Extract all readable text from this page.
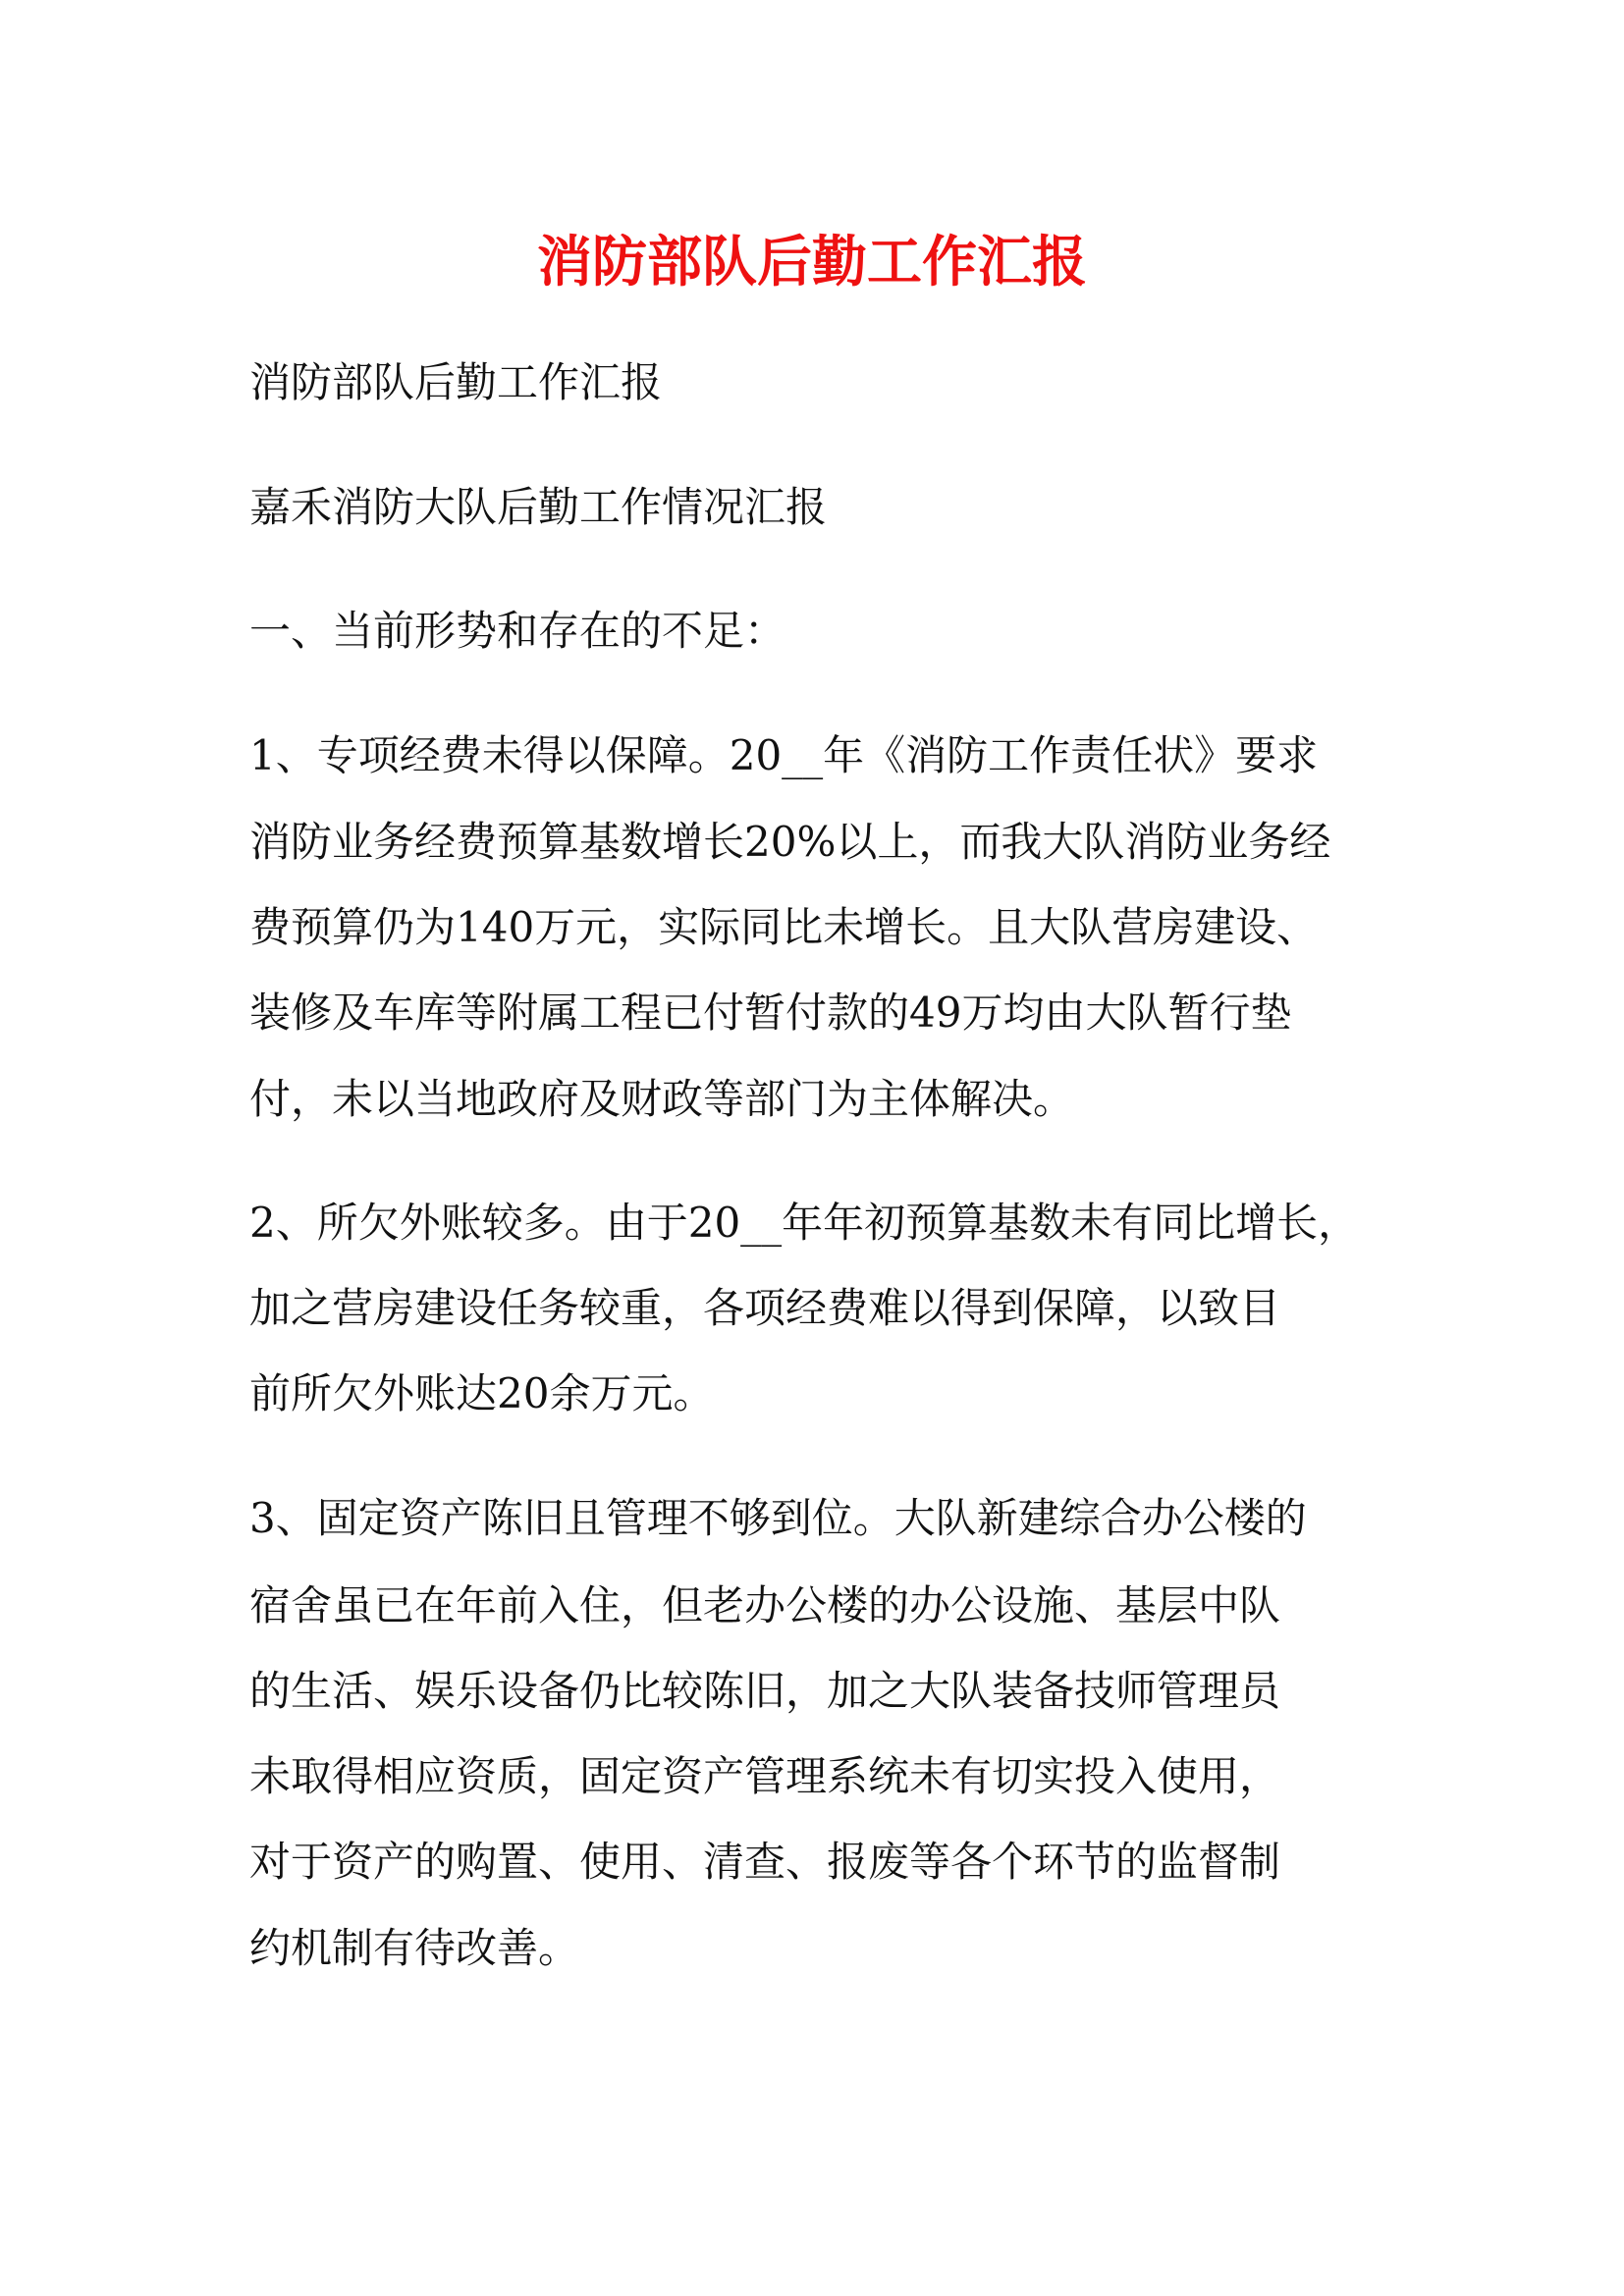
消防部队后勤工作汇报
消防部队后勤工作汇报
嘉禾消防大队后勤工作情况汇报
一、当前形势和存在的不足：
1、专项经费未得以保障。20__年《消防工作责任状》要求
消防业务经费预算基数增长20%以上，而我大队消防业务经
费预算仍为140万元，实际同比未增长。且大队营房建设、
装修及车库等附属工程已付暂付款的49万均由大队暂行垫
付，未以当地政府及财政等部门为主体解决。
2、所欠外账较多。由于20__年年初预算基数未有同比增长，
加之营房建设任务较重，各项经费难以得到保障，以致目
前所欠外账达20余万元。
3、固定资产陈旧且管理不够到位。大队新建综合办公楼的
宿舍虽已在年前入住，但老办公楼的办公设施、基层中队
的生活、娱乐设备仍比较陈旧，加之大队装备技师管理员
未取得相应资质，固定资产管理系统未有切实投入使用，
对于资产的购置、使用、清查、报废等各个环节的监督制
约机制有待改善。
